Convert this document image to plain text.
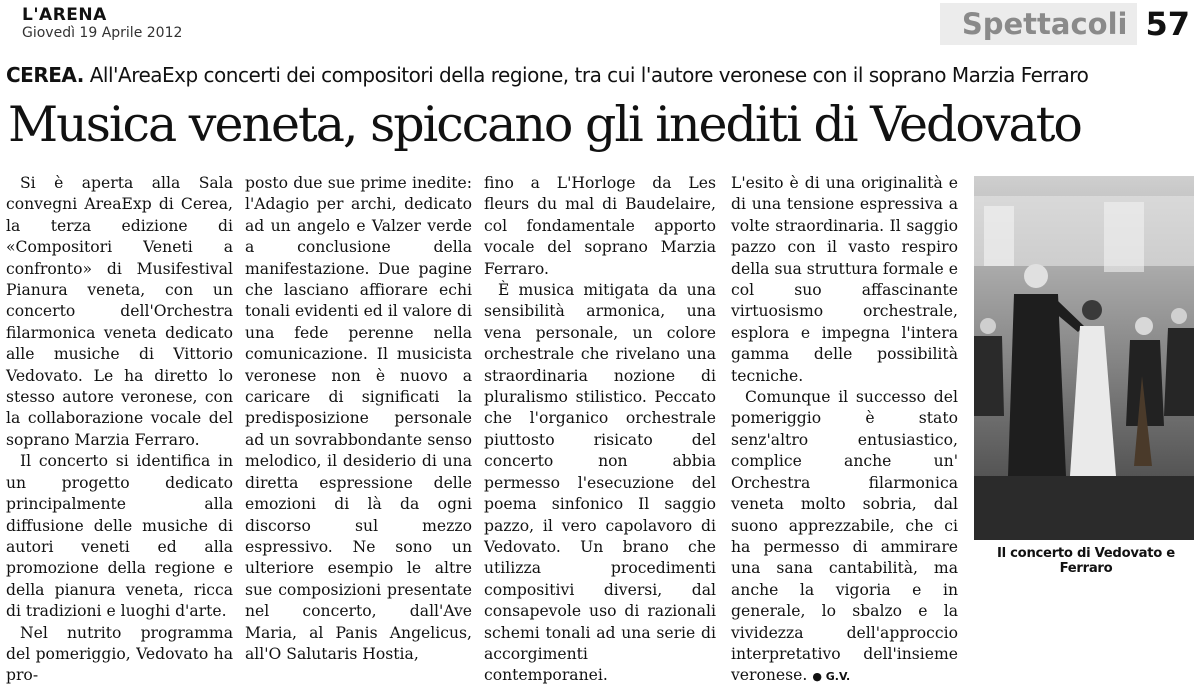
L'ARENA
Giovedì 19 Aprile 2012	Spettacoli 57
CEREA. All'AreaExp concerti dei compositori della regione, tra cui l'autore veronese con il soprano Marzia Ferraro
Musica veneta, spiccano gli inediti di Vedovato

Si è aperta alla Sala convegni AreaExp di Cerea, la terza edizione di «Compositori Veneti a confronto» di Musifestival Pianura veneta, con un concerto dell'Orchestra filarmonica veneta dedicato alle musiche di Vittorio Vedovato. Le ha diretto lo stesso autore veronese, con la collaborazione vocale del soprano Marzia Ferraro.

Il concerto si identifica in un progetto dedicato principalmente alla diffusione delle musiche di autori veneti ed alla promozione della regione e della pianura veneta, ricca di tradizioni e luoghi d'arte.

Nel nutrito programma del pomeriggio, Vedovato ha pro-

posto due sue prime inedite: l'Adagio per archi, dedicato ad un angelo e Valzer verde a conclusione della manifestazione. Due pagine che lasciano affiorare echi tonali evidenti ed il valore di una fede perenne nella comunicazione. Il musicista veronese non è nuovo a caricare di significati la predisposizione personale ad un sovrabbondante senso melodico, il desiderio di una diretta espressione delle emozioni di là da ogni discorso sul mezzo espressivo. Ne sono un ulteriore esempio le altre sue composizioni presentate nel concerto, dall'Ave Maria, al Panis Angelicus, all'O Salutaris Hostia,

fino a L'Horloge da Les fleurs du mal di Baudelaire, col fondamentale apporto vocale del soprano Marzia Ferraro.

È musica mitigata da una sensibilità armonica, una vena personale, un colore orchestrale che rivelano una straordinaria nozione di pluralismo stilistico. Peccato che l'organico orchestrale piuttosto risicato del concerto non abbia permesso l'esecuzione del poema sinfonico Il saggio pazzo, il vero capolavoro di Vedovato. Un brano che utilizza procedimenti compositivi diversi, dal consapevole uso di razionali schemi tonali ad una serie di accorgimenti contemporanei.

L'esito è di una originalità e di una tensione espressiva a volte straordinaria. Il saggio pazzo con il vasto respiro della sua struttura formale e col suo affascinante virtuosismo orchestrale, esplora e impegna l'intera gamma delle possibilità tecniche.

Comunque il successo del pomeriggio è stato senz'altro entusiastico, complice anche un' Orchestra filarmonica veneta molto sobria, dal suono apprezzabile, che ci ha permesso di ammirare una sana cantabilità, ma anche la vigoria e in generale, lo sbalzo e la vividezza dell'approccio interpretativo dell'insieme veronese. ● G.V.

Il concerto di Vedovato e Ferraro
